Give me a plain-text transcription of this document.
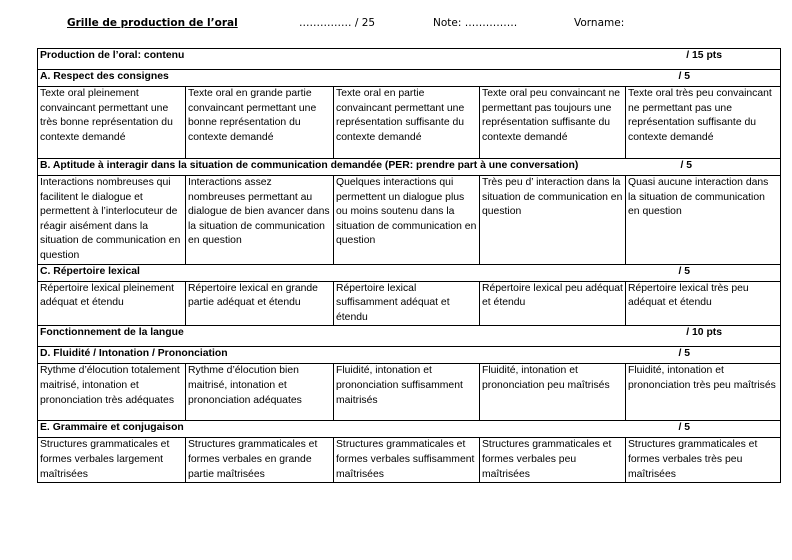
Grille de production de l’oral	…………… / 25	Note: ……………	Vorname:
Production de l’oral: contenu / 15 pts				

A. Respect des consignes / 5				

Texte oral pleinement convaincant permettant une très bonne représentation du contexte demandé	Texte oral en grande partie convaincant permettant une bonne représentation du contexte demandé	Texte oral en partie convaincant permettant une représentation suffisante du contexte demandé	Texte oral peu convaincant ne permettant pas toujours une représentation suffisante du contexte demandé	Texte oral très peu convaincant ne permettant pas une représentation suffisante du contexte demandé

B. Aptitude à interagir dans la situation de communication demandée (PER: prendre part à une conversation) / 5				

Interactions nombreuses qui facilitent le dialogue et permettent à l’interlocuteur de réagir aisément dans la situation de communication en question	Interactions assez nombreuses permettant au dialogue de bien avancer dans la situation de communication en question	Quelques interactions qui permettent un dialogue plus ou moins soutenu dans la situation de communication en question	Très peu d’ interaction dans la situation de communication en question	Quasi aucune interaction dans la situation de communication en question

C. Répertoire lexical / 5				

Répertoire lexical pleinement adéquat et étendu	Répertoire lexical en grande partie adéquat et étendu	Répertoire lexical suffisamment adéquat et étendu	Répertoire lexical peu adéquat et étendu	Répertoire lexical très peu adéquat et étendu

Fonctionnement de la langue / 10 pts				

D. Fluidité / Intonation / Prononciation / 5				

Rythme d’élocution totalement maitrisé, intonation et prononciation très adéquates	Rythme d’élocution bien maitrisé, intonation et prononciation adéquates	Fluidité, intonation et prononciation suffisamment maitrisés	Fluidité, intonation et prononciation peu maîtrisés	Fluidité, intonation et prononciation très peu maîtrisés

E. Grammaire et conjugaison / 5				

Structures grammaticales et formes verbales largement maîtrisées	Structures grammaticales et formes verbales en grande partie maîtrisées	Structures grammaticales et formes verbales suffisamment maîtrisées	Structures grammaticales et formes verbales peu maîtrisées	Structures grammaticales et formes verbales très peu maîtrisées
